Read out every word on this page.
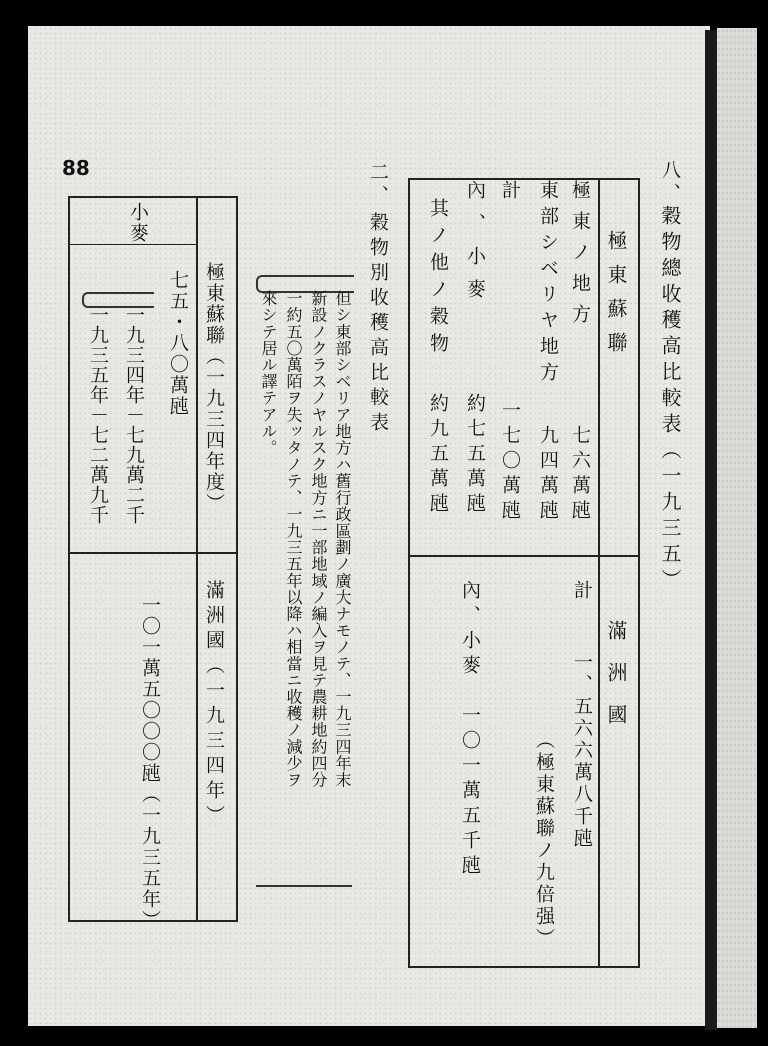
88	八、
穀物總收穫高比較表（一九三五）
極東蘇聯
滿洲國
極東ノ地方
七六萬瓲
東部シベリヤ地方
九四萬瓲
計
一七〇萬瓲
內、小麥
約七五萬瓲
其ノ他ノ穀物
約九五萬瓲
計
一、五六六萬八千瓲
（極東蘇聯ノ九倍强）
內、小麥　一〇一萬五千瓲
但シ東部シベリア地方ハ舊行政區劃ノ廣大ナモノテ、一九三四年末
新設ノクラスノヤルスク地方ニ一部地域ノ編入ヲ見テ農耕地約四分
一約五〇萬陌ヲ失ッタノテ、一九三五年以降ハ相當ニ收穫ノ減少ヲ
來シテ居ル譯テアル。
二、
穀物別收穫高比較表
小麥
極東蘇聯（一九三四年度）
滿洲國（一九三四年）
七五・八〇萬瓲
一九三四年－七九萬二千
一九三五年－七二萬九千
一〇一萬五〇〇〇瓲（一九三五年）
